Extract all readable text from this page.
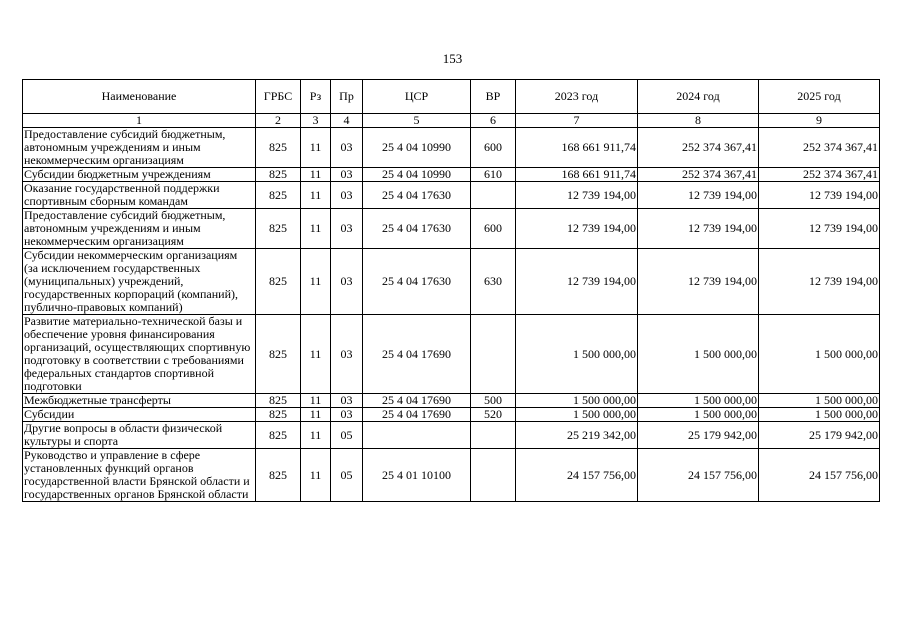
153
Наименование	ГРБС	Рз	Пр	ЦСР	ВР	2023 год	2024 год	2025 год
1	2	3	4	5	6	7	8	9
Предоставление субсидий бюджетным, автономным учреждениям и иным некоммерческим организациям	825	11	03	25 4 04 10990	600	168 661 911,74	252 374 367,41	252 374 367,41
Субсидии бюджетным учреждениям	825	11	03	25 4 04 10990	610	168 661 911,74	252 374 367,41	252 374 367,41
Оказание государственной поддержки спортивным сборным командам	825	11	03	25 4 04 17630		12 739 194,00	12 739 194,00	12 739 194,00
Предоставление субсидий бюджетным, автономным учреждениям и иным некоммерческим организациям	825	11	03	25 4 04 17630	600	12 739 194,00	12 739 194,00	12 739 194,00
Субсидии некоммерческим организациям (за исключением государственных (муниципальных) учреждений, государственных корпораций (компаний), публично-правовых компаний)	825	11	03	25 4 04 17630	630	12 739 194,00	12 739 194,00	12 739 194,00
Развитие материально-технической базы и обеспечение уровня финансирования организаций, осуществляющих спортивную подготовку в соответствии с требованиями федеральных стандартов спортивной подготовки	825	11	03	25 4 04 17690		1 500 000,00	1 500 000,00	1 500 000,00
Межбюджетные трансферты	825	11	03	25 4 04 17690	500	1 500 000,00	1 500 000,00	1 500 000,00
Субсидии	825	11	03	25 4 04 17690	520	1 500 000,00	1 500 000,00	1 500 000,00
Другие вопросы в области физической культуры и спорта	825	11	05			25 219 342,00	25 179 942,00	25 179 942,00
Руководство и управление в сфере установленных функций органов государственной власти Брянской области и государственных органов Брянской области	825	11	05	25 4 01 10100		24 157 756,00	24 157 756,00	24 157 756,00
